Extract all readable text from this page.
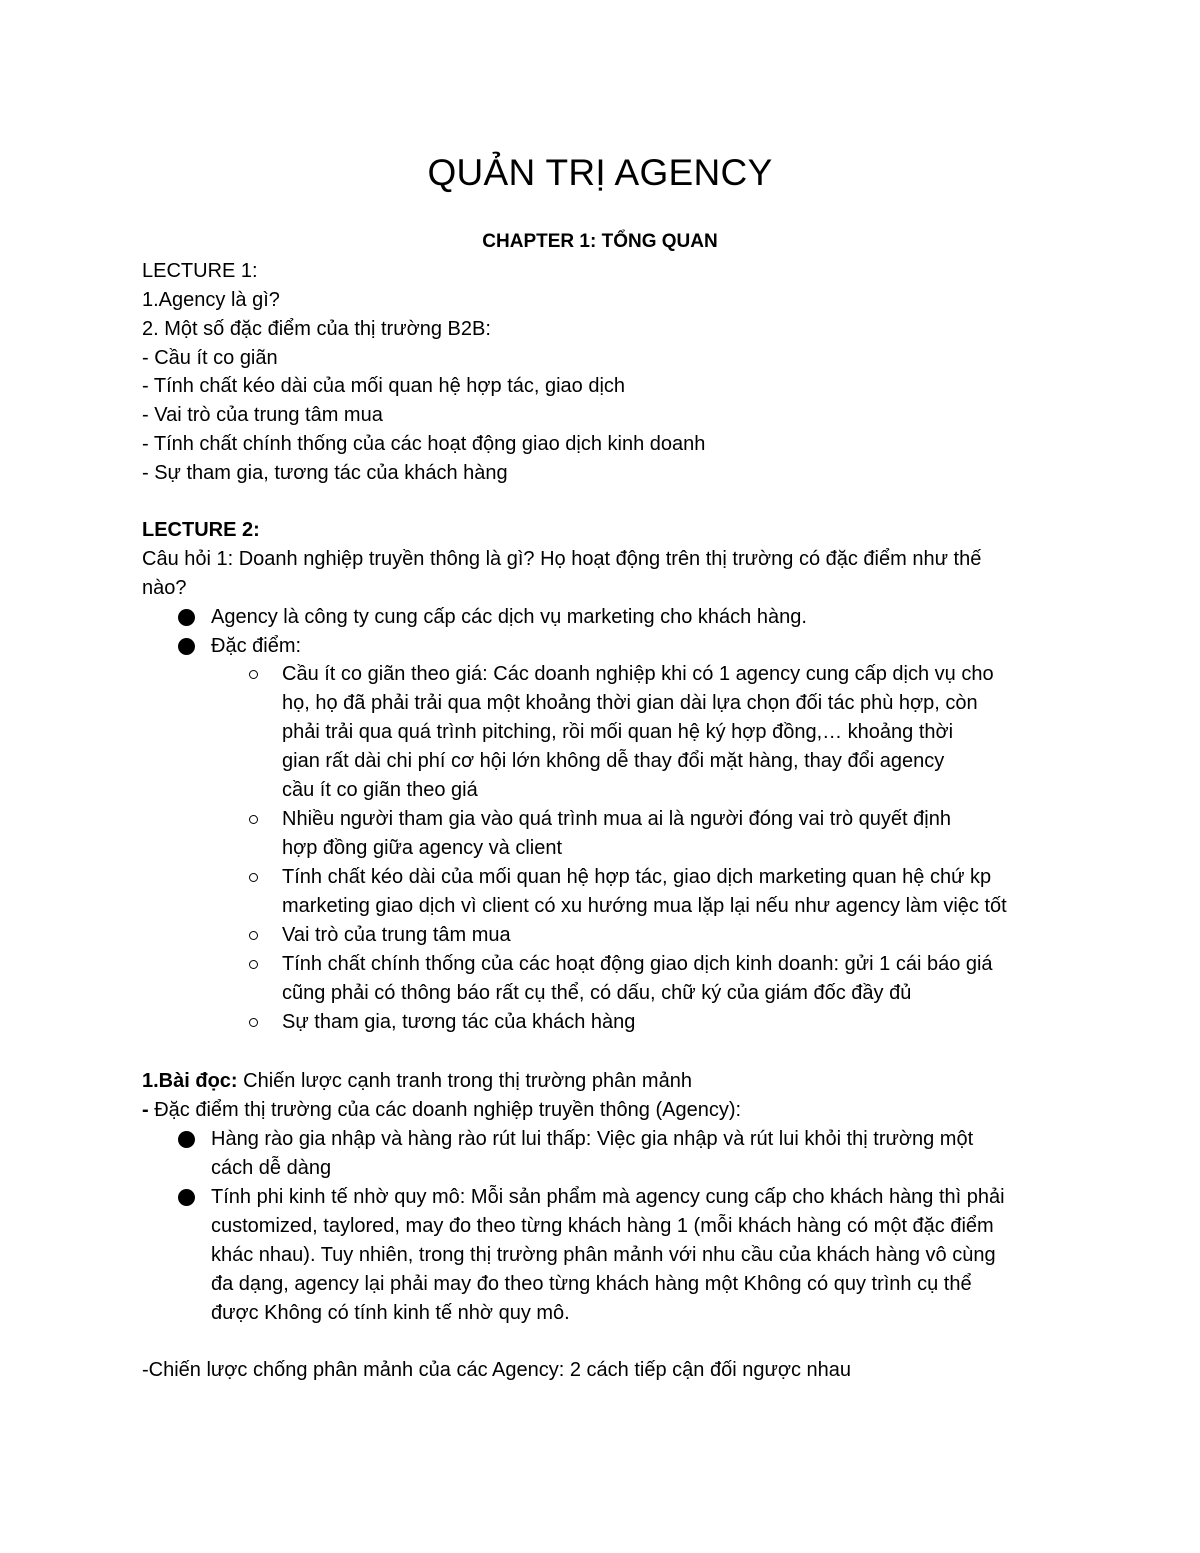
QUẢN TRỊ AGENCY
CHAPTER 1: TỔNG QUAN
LECTURE 1:
1.Agency là gì?
2. Một số đặc điểm của thị trường B2B:
- Cầu ít co giãn
- Tính chất kéo dài của mối quan hệ hợp tác, giao dịch
- Vai trò của trung tâm mua
- Tính chất chính thống của các hoạt động giao dịch kinh doanh
- Sự tham gia, tương tác của khách hàng
LECTURE 2:
Câu hỏi 1: Doanh nghiệp truyền thông là gì? Họ hoạt động trên thị trường có đặc điểm như thế
nào?
Agency là công ty cung cấp các dịch vụ marketing cho khách hàng.
Đặc điểm:
Cầu ít co giãn theo giá: Các doanh nghiệp khi có 1 agency cung cấp dịch vụ cho
họ, họ đã phải trải qua một khoảng thời gian dài lựa chọn đối tác phù hợp, còn
phải trải qua quá trình pitching, rồi mối quan hệ ký hợp đồng,… khoảng thời
gian rất dài chi phí cơ hội lớn không dễ thay đổi mặt hàng, thay đổi agency
cầu ít co giãn theo giá
Nhiều người tham gia vào quá trình mua ai là người đóng vai trò quyết định
hợp đồng giữa agency và client
Tính chất kéo dài của mối quan hệ hợp tác, giao dịch marketing quan hệ chứ kp
marketing giao dịch vì client có xu hướng mua lặp lại nếu như agency làm việc tốt
Vai trò của trung tâm mua
Tính chất chính thống của các hoạt động giao dịch kinh doanh: gửi 1 cái báo giá
cũng phải có thông báo rất cụ thể, có dấu, chữ ký của giám đốc đầy đủ
Sự tham gia, tương tác của khách hàng
1.Bài đọc: Chiến lược cạnh tranh trong thị trường phân mảnh
- Đặc điểm thị trường của các doanh nghiệp truyền thông (Agency):
Hàng rào gia nhập và hàng rào rút lui thấp: Việc gia nhập và rút lui khỏi thị trường một
cách dễ dàng
Tính phi kinh tế nhờ quy mô: Mỗi sản phẩm mà agency cung cấp cho khách hàng thì phải
customized, taylored, may đo theo từng khách hàng 1 (mỗi khách hàng có một đặc điểm
khác nhau). Tuy nhiên, trong thị trường phân mảnh với nhu cầu của khách hàng vô cùng
đa dạng, agency lại phải may đo theo từng khách hàng một Không có quy trình cụ thể
được Không có tính kinh tế nhờ quy mô.
-Chiến lược chống phân mảnh của các Agency: 2 cách tiếp cận đối ngược nhau
